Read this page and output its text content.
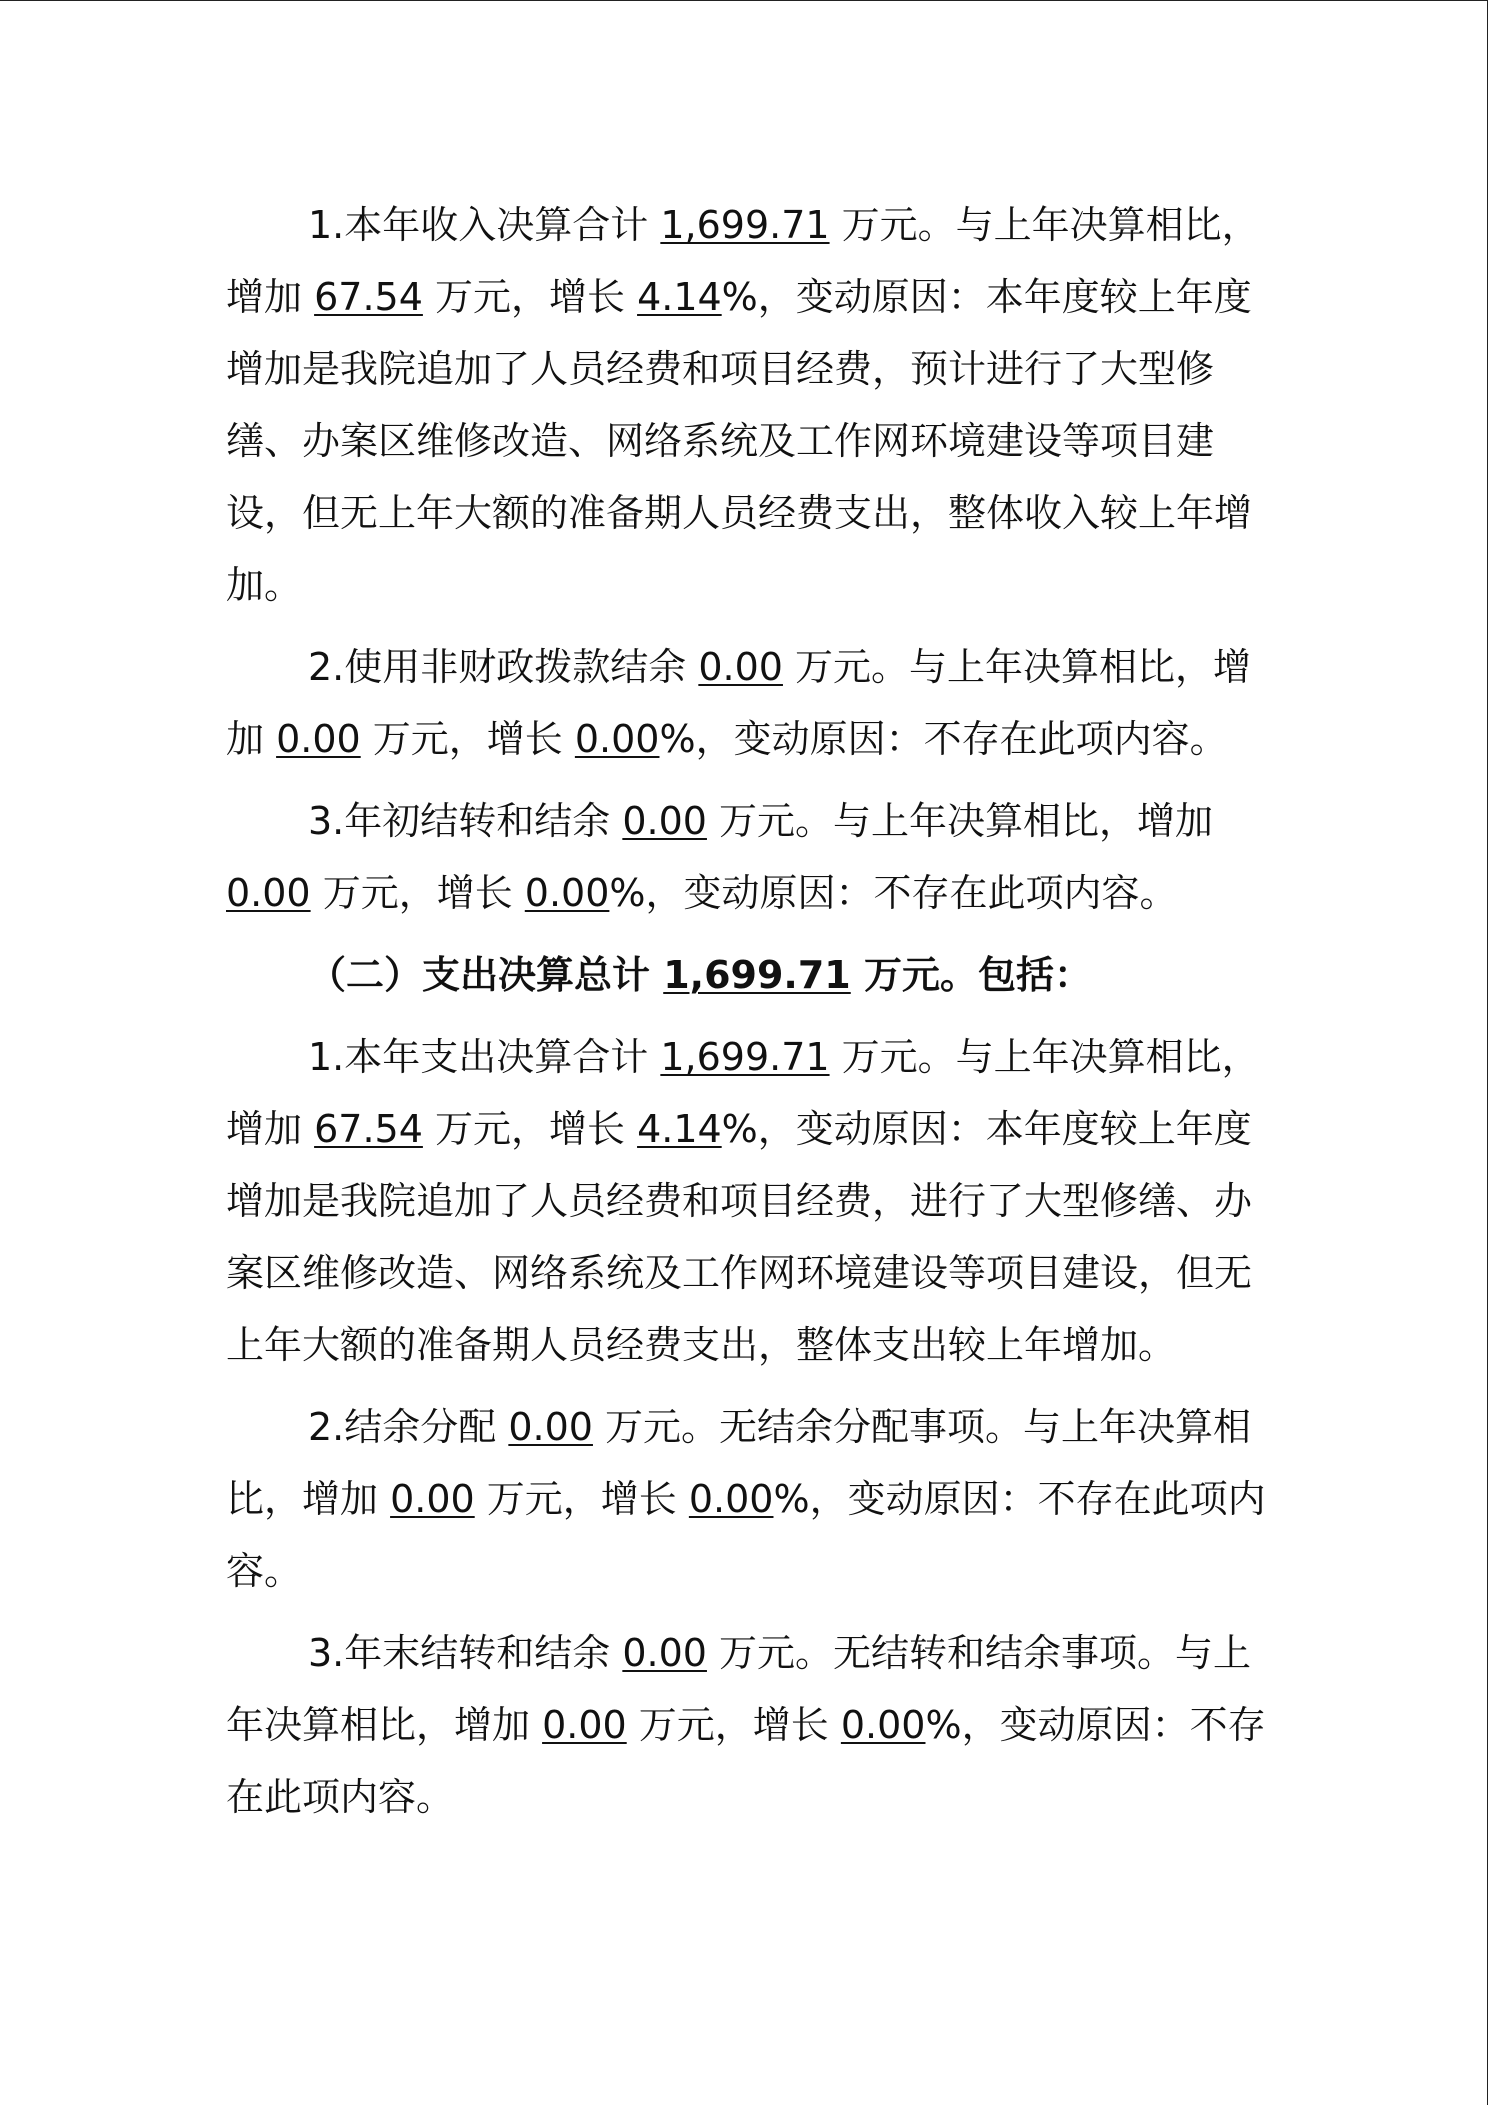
1.本年收入决算合计 1,699.71 万元。与上年决算相比，增加 67.54 万元，增长 4.14%，变动原因：本年度较上年度增加是我院追加了人员经费和项目经费，预计进行了大型修缮、办案区维修改造、网络系统及工作网环境建设等项目建设，但无上年大额的准备期人员经费支出，整体收入较上年增加。

2.使用非财政拨款结余 0.00 万元。与上年决算相比，增加 0.00 万元，增长 0.00%，变动原因：不存在此项内容。

3.年初结转和结余 0.00 万元。与上年决算相比，增加 0.00 万元，增长 0.00%，变动原因：不存在此项内容。

（二）支出决算总计 1,699.71 万元。包括：

1.本年支出决算合计 1,699.71 万元。与上年决算相比，增加 67.54 万元，增长 4.14%，变动原因：本年度较上年度增加是我院追加了人员经费和项目经费，进行了大型修缮、办案区维修改造、网络系统及工作网环境建设等项目建设，但无上年大额的准备期人员经费支出，整体支出较上年增加。

2.结余分配 0.00 万元。无结余分配事项。与上年决算相比，增加 0.00 万元，增长 0.00%，变动原因：不存在此项内容。

3.年末结转和结余 0.00 万元。无结转和结余事项。与上年决算相比，增加 0.00 万元，增长 0.00%，变动原因：不存在此项内容。
